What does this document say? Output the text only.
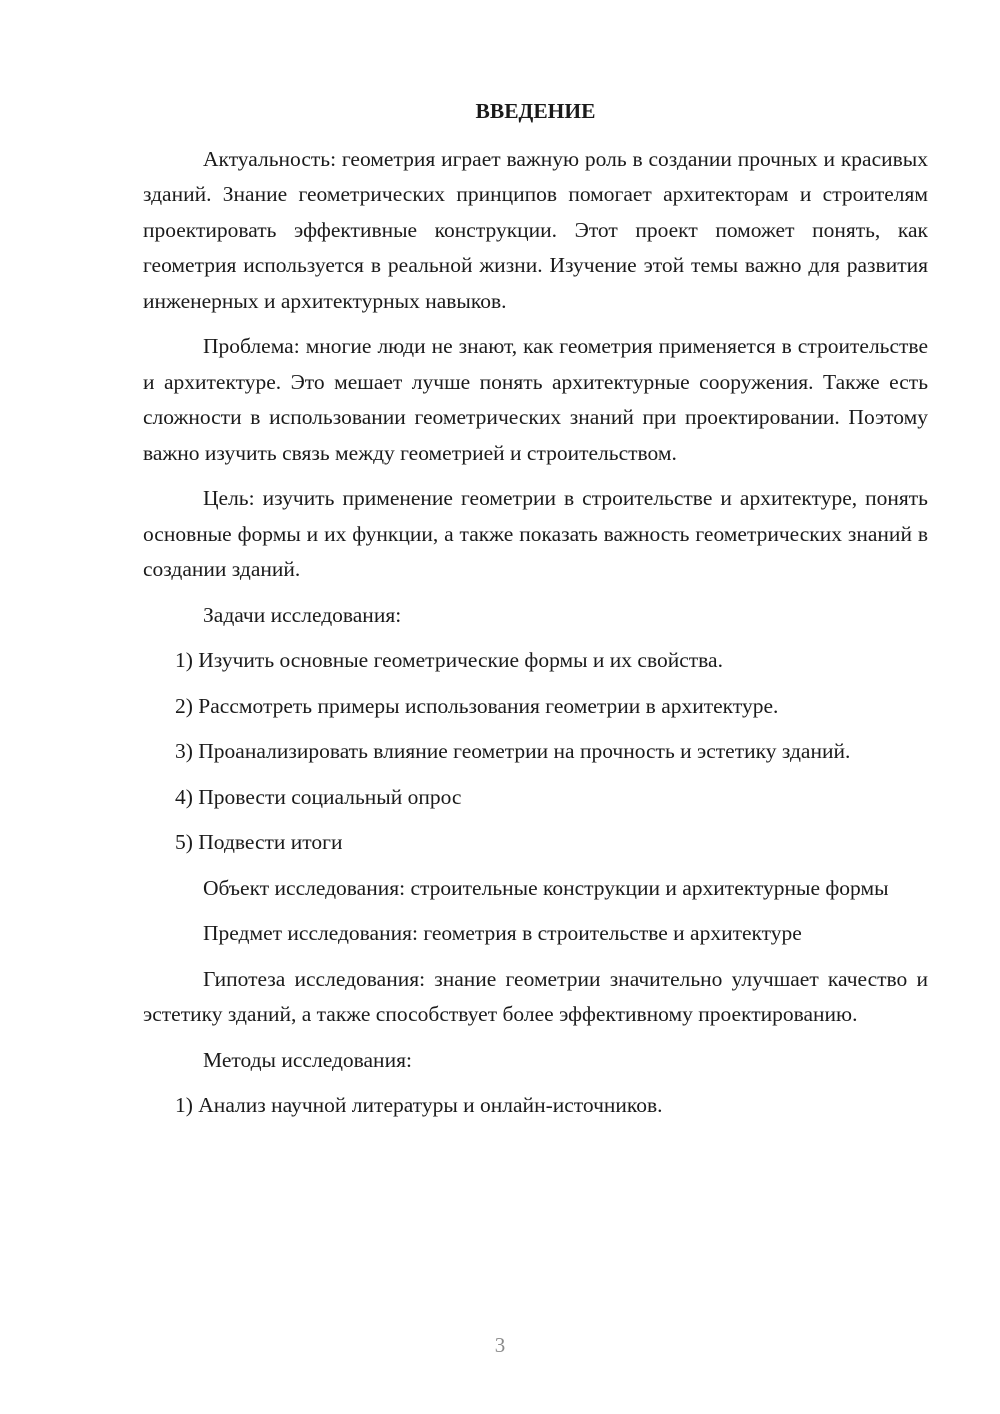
ВВЕДЕНИЕ

Актуальность: геометрия играет важную роль в создании прочных и красивых зданий. Знание геометрических принципов помогает архитекторам и строителям проектировать эффективные конструкции. Этот проект поможет понять, как геометрия используется в реальной жизни. Изучение этой темы важно для развития инженерных и архитектурных навыков.

Проблема: многие люди не знают, как геометрия применяется в строительстве и архитектуре. Это мешает лучше понять архитектурные сооружения. Также есть сложности в использовании геометрических знаний при проектировании. Поэтому важно изучить связь между геометрией и строительством.

Цель: изучить применение геометрии в строительстве и архитектуре, понять основные формы и их функции, а также показать важность геометрических знаний в создании зданий.

Задачи исследования:

1) Изучить основные геометрические формы и их свойства.

2) Рассмотреть примеры использования геометрии в архитектуре.

3) Проанализировать влияние геометрии на прочность и эстетику зданий.

4) Провести социальный опрос

5) Подвести итоги

Объект исследования: строительные конструкции и архитектурные формы

Предмет исследования: геометрия в строительстве и архитектуре

Гипотеза исследования: знание геометрии значительно улучшает качество и эстетику зданий, а также способствует более эффективному проектированию.

Методы исследования:

1) Анализ научной литературы и онлайн-источников.

3
